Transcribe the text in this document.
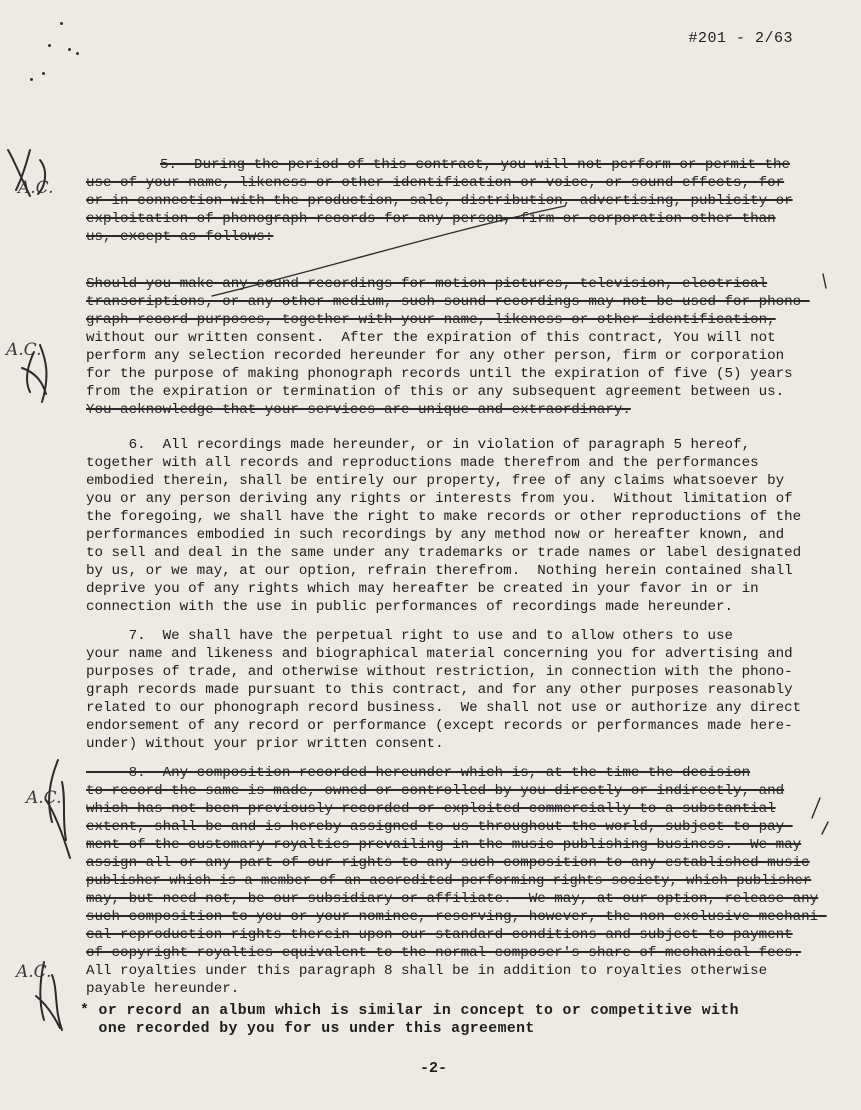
#201 - 2/63
5.  During the period of this contract, you will not perform or permit the
use of your name, likeness or other identification or voice, or sound effects, for
or in connection with the production, sale, distribution, advertising, publicity or
exploitation of phonograph records for any person, firm or corporation other than
us, except as follows:
Should you make any sound recordings for motion pictures, television, electrical
transcriptions, or any other medium, such sound recordings may not be used for phono-
graph record purposes, together with your name, likeness or other identification,
without our written consent.  After the expiration of this contract, You will not
perform any selection recorded hereunder for any other person, firm or corporation
for the purpose of making phonograph records until the expiration of five (5) years
from the expiration or termination of this or any subsequent agreement between us.
You acknowledge that your services are unique and extraordinary.
6.  All recordings made hereunder, or in violation of paragraph 5 hereof,
together with all records and reproductions made therefrom and the performances
embodied therein, shall be entirely our property, free of any claims whatsoever by
you or any person deriving any rights or interests from you.  Without limitation of
the foregoing, we shall have the right to make records or other reproductions of the
performances embodied in such recordings by any method now or hereafter known, and
to sell and deal in the same under any trademarks or trade names or label designated
by us, or we may, at our option, refrain therefrom.  Nothing herein contained shall
deprive you of any rights which may hereafter be created in your favor in or in
connection with the use in public performances of recordings made hereunder.
7.  We shall have the perpetual right to use and to allow others to use
your name and likeness and biographical material concerning you for advertising and
purposes of trade, and otherwise without restriction, in connection with the phono-
graph records made pursuant to this contract, and for any other purposes reasonably
related to our phonograph record business.  We shall not use or authorize any direct
endorsement of any record or performance (except records or performances made here-
under) without your prior written consent.
8.  Any composition recorded hereunder which is, at the time the decision
to record the same is made, owned or controlled by you directly or indirectly, and
which has not been previously recorded or exploited commercially to a substantial
extent, shall be and is hereby assigned to us throughout the world, subject to pay-
ment of the customary royalties prevailing in the music publishing business.  We may
assign all or any part of our rights to any such composition to any established music
publisher which is a member of an accredited performing rights society, which publisher
may, but need not, be our subsidiary or affiliate.  We may, at our option, release any
such composition to you or your nominee, reserving, however, the non-exclusive mechani-
cal reproduction rights therein upon our standard conditions and subject to payment
of copyright royalties equivalent to the normal composer's share of mechanical fees.
All royalties under this paragraph 8 shall be in addition to royalties otherwise
payable hereunder.
* or record an album which is similar in concept to or competitive with
one recorded by you for us under this agreement
A.C.
A.C.
A.C.
A.C.
-2-
